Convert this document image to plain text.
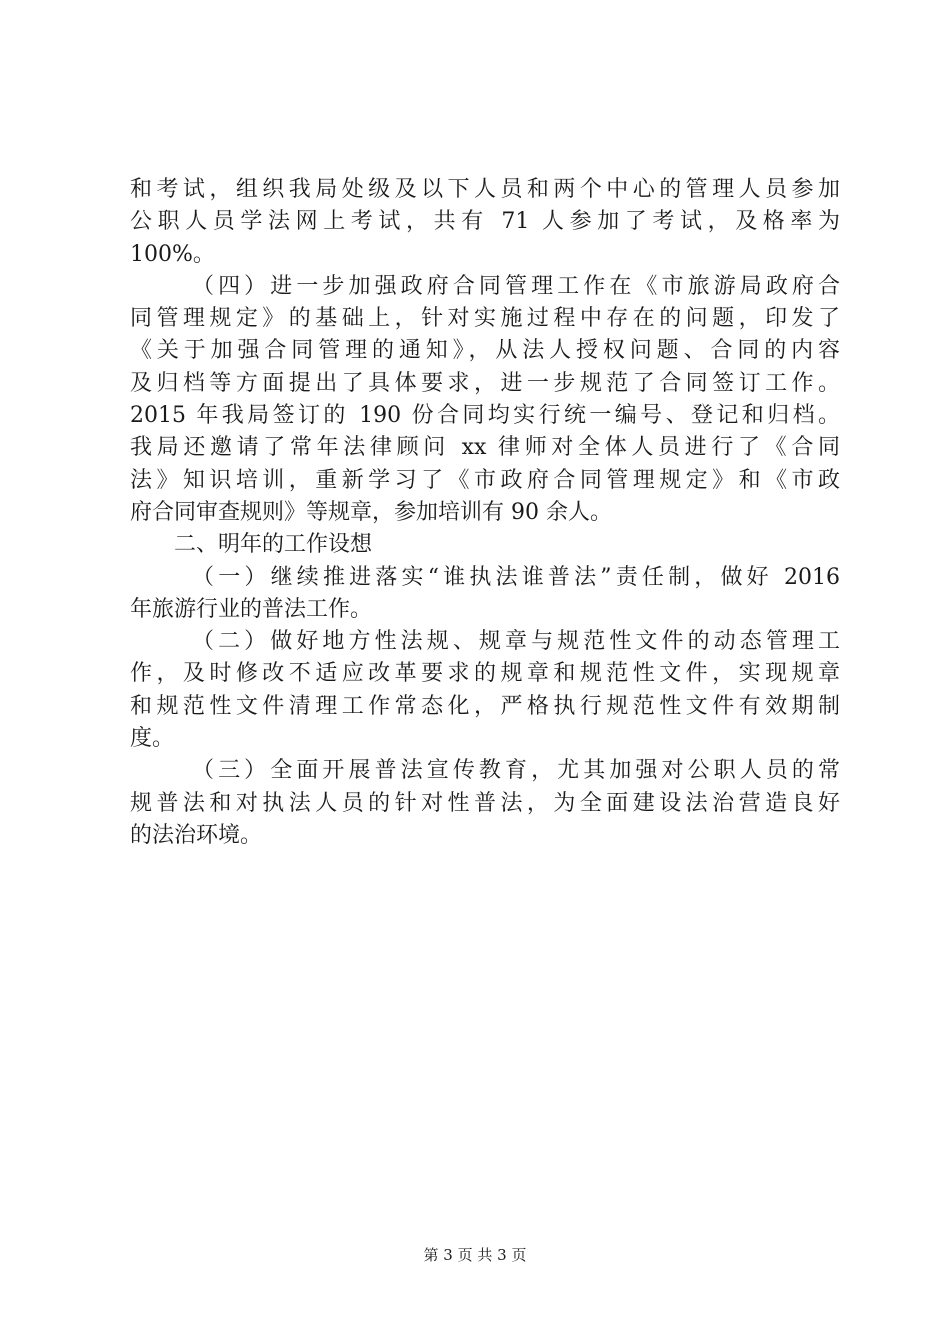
和考试，组织我局处级及以下人员和两个中心的管理人员参加
公职人员学法网上考试，共有 71 人参加了考试，及格率为
100%。
（四）进一步加强政府合同管理工作在《市旅游局政府合
同管理规定》的基础上，针对实施过程中存在的问题，印发了
《关于加强合同管理的通知》，从法人授权问题、合同的内容
及归档等方面提出了具体要求，进一步规范了合同签订工作。
2015 年我局签订的 190 份合同均实行统一编号、登记和归档。
我局还邀请了常年法律顾问 xx 律师对全体人员进行了《合同
法》知识培训，重新学习了《市政府合同管理规定》和《市政
府合同审查规则》等规章，参加培训有 90 余人。
二、明年的工作设想
（一）继续推进落实“谁执法谁普法”责任制，做好 2016
年旅游行业的普法工作。
（二）做好地方性法规、规章与规范性文件的动态管理工
作，及时修改不适应改革要求的规章和规范性文件，实现规章
和规范性文件清理工作常态化，严格执行规范性文件有效期制
度。
（三）全面开展普法宣传教育，尤其加强对公职人员的常
规普法和对执法人员的针对性普法，为全面建设法治营造良好
的法治环境。
第 3 页 共 3 页
